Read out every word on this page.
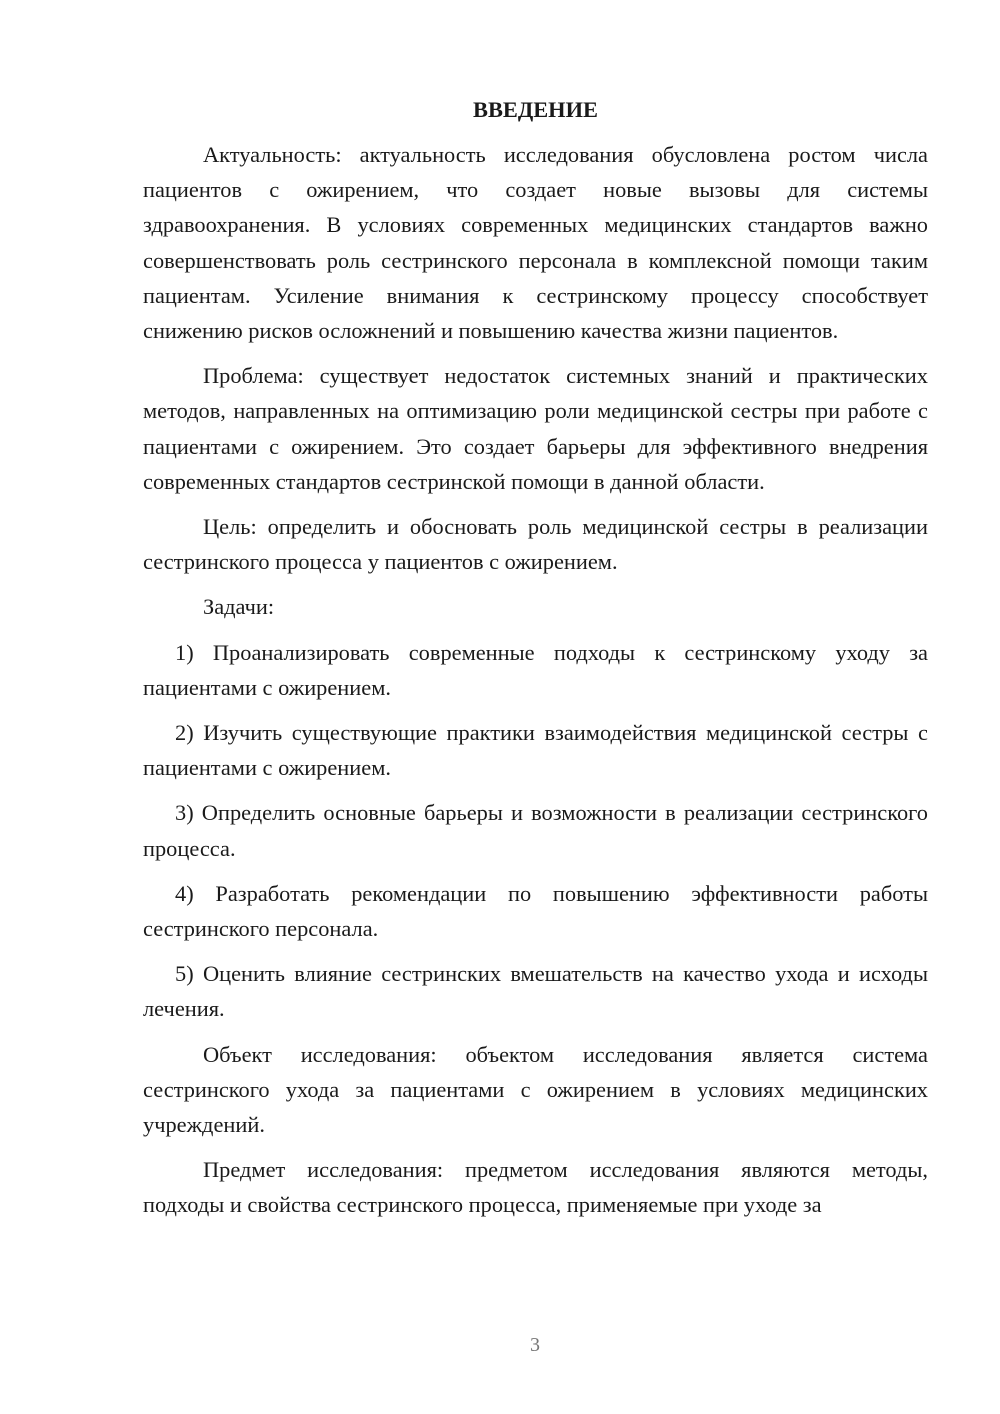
ВВЕДЕНИЕ
Актуальность: актуальность исследования обусловлена ростом числа пациентов с ожирением, что создает новые вызовы для системы здравоохранения. В условиях современных медицинских стандартов важно совершенствовать роль сестринского персонала в комплексной помощи таким пациентам. Усиление внимания к сестринскому процессу способствует снижению рисков осложнений и повышению качества жизни пациентов.
Проблема: существует недостаток системных знаний и практических методов, направленных на оптимизацию роли медицинской сестры при работе с пациентами с ожирением. Это создает барьеры для эффективного внедрения современных стандартов сестринской помощи в данной области.
Цель: определить и обосновать роль медицинской сестры в реализации сестринского процесса у пациентов с ожирением.
Задачи:
1) Проанализировать современные подходы к сестринскому уходу за пациентами с ожирением.
2) Изучить существующие практики взаимодействия медицинской сестры с пациентами с ожирением.
3) Определить основные барьеры и возможности в реализации сестринского процесса.
4) Разработать рекомендации по повышению эффективности работы сестринского персонала.
5) Оценить влияние сестринских вмешательств на качество ухода и исходы лечения.
Объект исследования: объектом исследования является система сестринского ухода за пациентами с ожирением в условиях медицинских учреждений.
Предмет исследования: предметом исследования являются методы, подходы и свойства сестринского процесса, применяемые при уходе за
3
